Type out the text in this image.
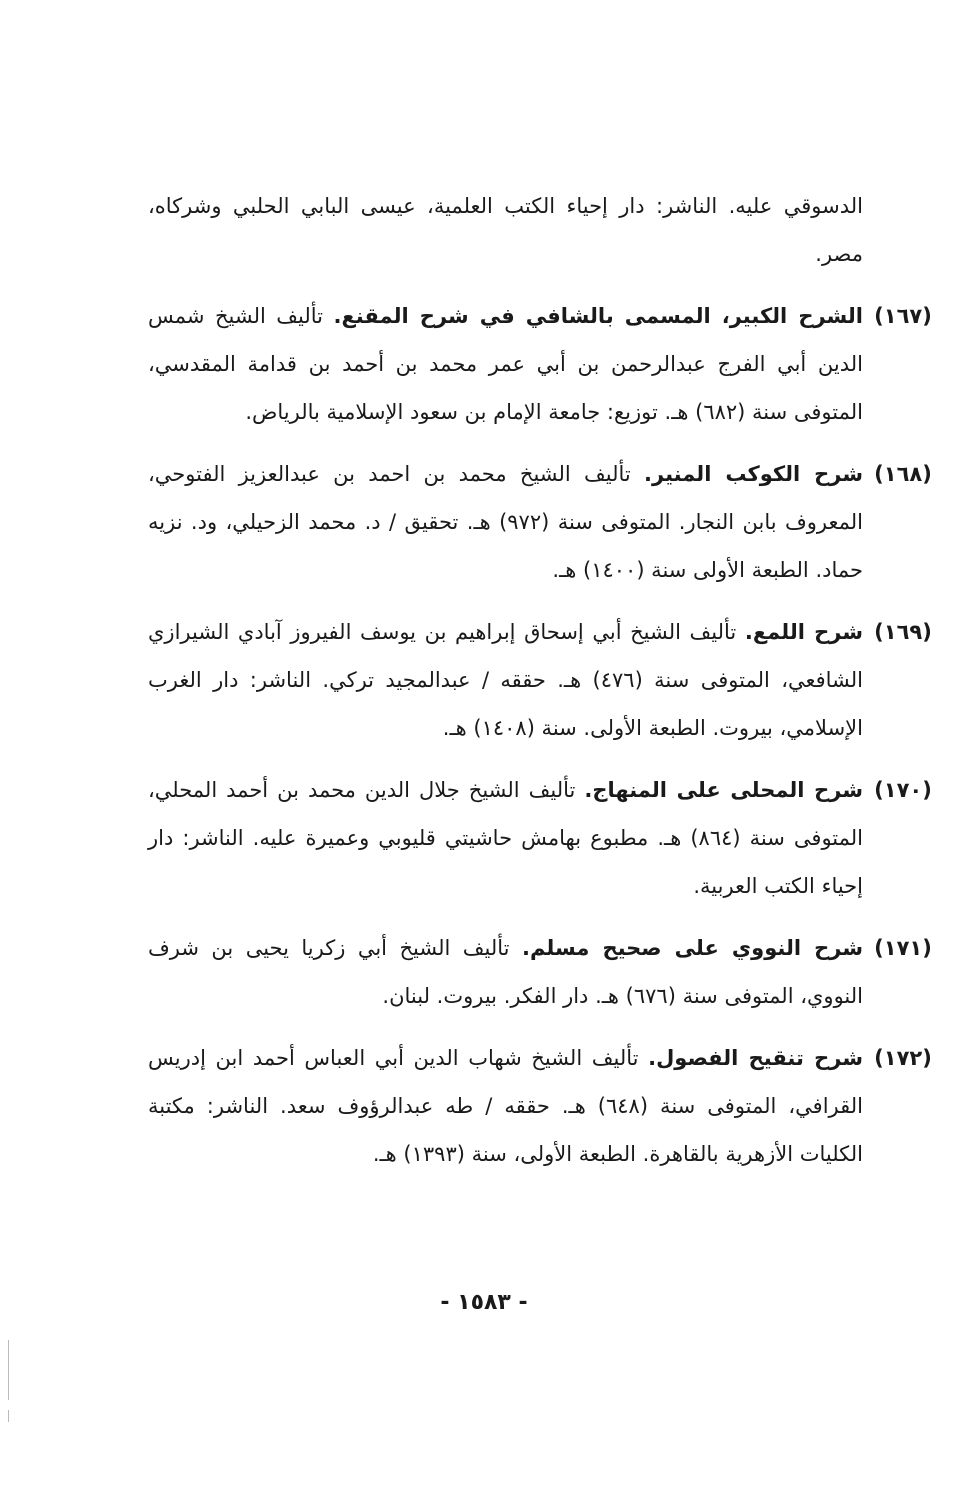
الدسوقي عليه. الناشر: دار إحياء الكتب العلمية، عيسى البابي الحلبي وشركاه، مصر.
(١٦٧)
الشرح الكبير، المسمى بالشافي في شرح المقنع. تأليف الشيخ شمس الدين أبي الفرج عبدالرحمن بن أبي عمر محمد بن أحمد بن قدامة المقدسي، المتوفى سنة (٦٨٢) هـ. توزيع: جامعة الإمام بن سعود الإسلامية بالرياض.
(١٦٨)
شرح الكوكب المنير. تأليف الشيخ محمد بن احمد بن عبدالعزيز الفتوحي، المعروف بابن النجار. المتوفى سنة (٩٧٢) هـ. تحقيق / د. محمد الزحيلي، ود. نزيه حماد. الطبعة الأولى سنة (١٤٠٠) هـ.
(١٦٩)
شرح اللمع. تأليف الشيخ أبي إسحاق إبراهيم بن يوسف الفيروز آبادي الشيرازي الشافعي، المتوفى سنة (٤٧٦) هـ. حققه / عبدالمجيد تركي. الناشر: دار الغرب الإسلامي، بيروت. الطبعة الأولى. سنة (١٤٠٨) هـ.
(١٧٠)
شرح المحلى على المنهاج. تأليف الشيخ جلال الدين محمد بن أحمد المحلي، المتوفى سنة (٨٦٤) هـ. مطبوع بهامش حاشيتي قليوبي وعميرة عليه. الناشر: دار إحياء الكتب العربية.
(١٧١)
شرح النووي على صحيح مسلم. تأليف الشيخ أبي زكريا يحيى بن شرف النووي، المتوفى سنة (٦٧٦) هـ. دار الفكر. بيروت. لبنان.
(١٧٢)
شرح تنقيح الفصول. تأليف الشيخ شهاب الدين أبي العباس أحمد ابن إدريس القرافي، المتوفى سنة (٦٤٨) هـ. حققه / طه عبدالرؤوف سعد. الناشر: مكتبة الكليات الأزهرية بالقاهرة. الطبعة الأولى، سنة (١٣٩٣) هـ.
- ١٥٨٣ -
